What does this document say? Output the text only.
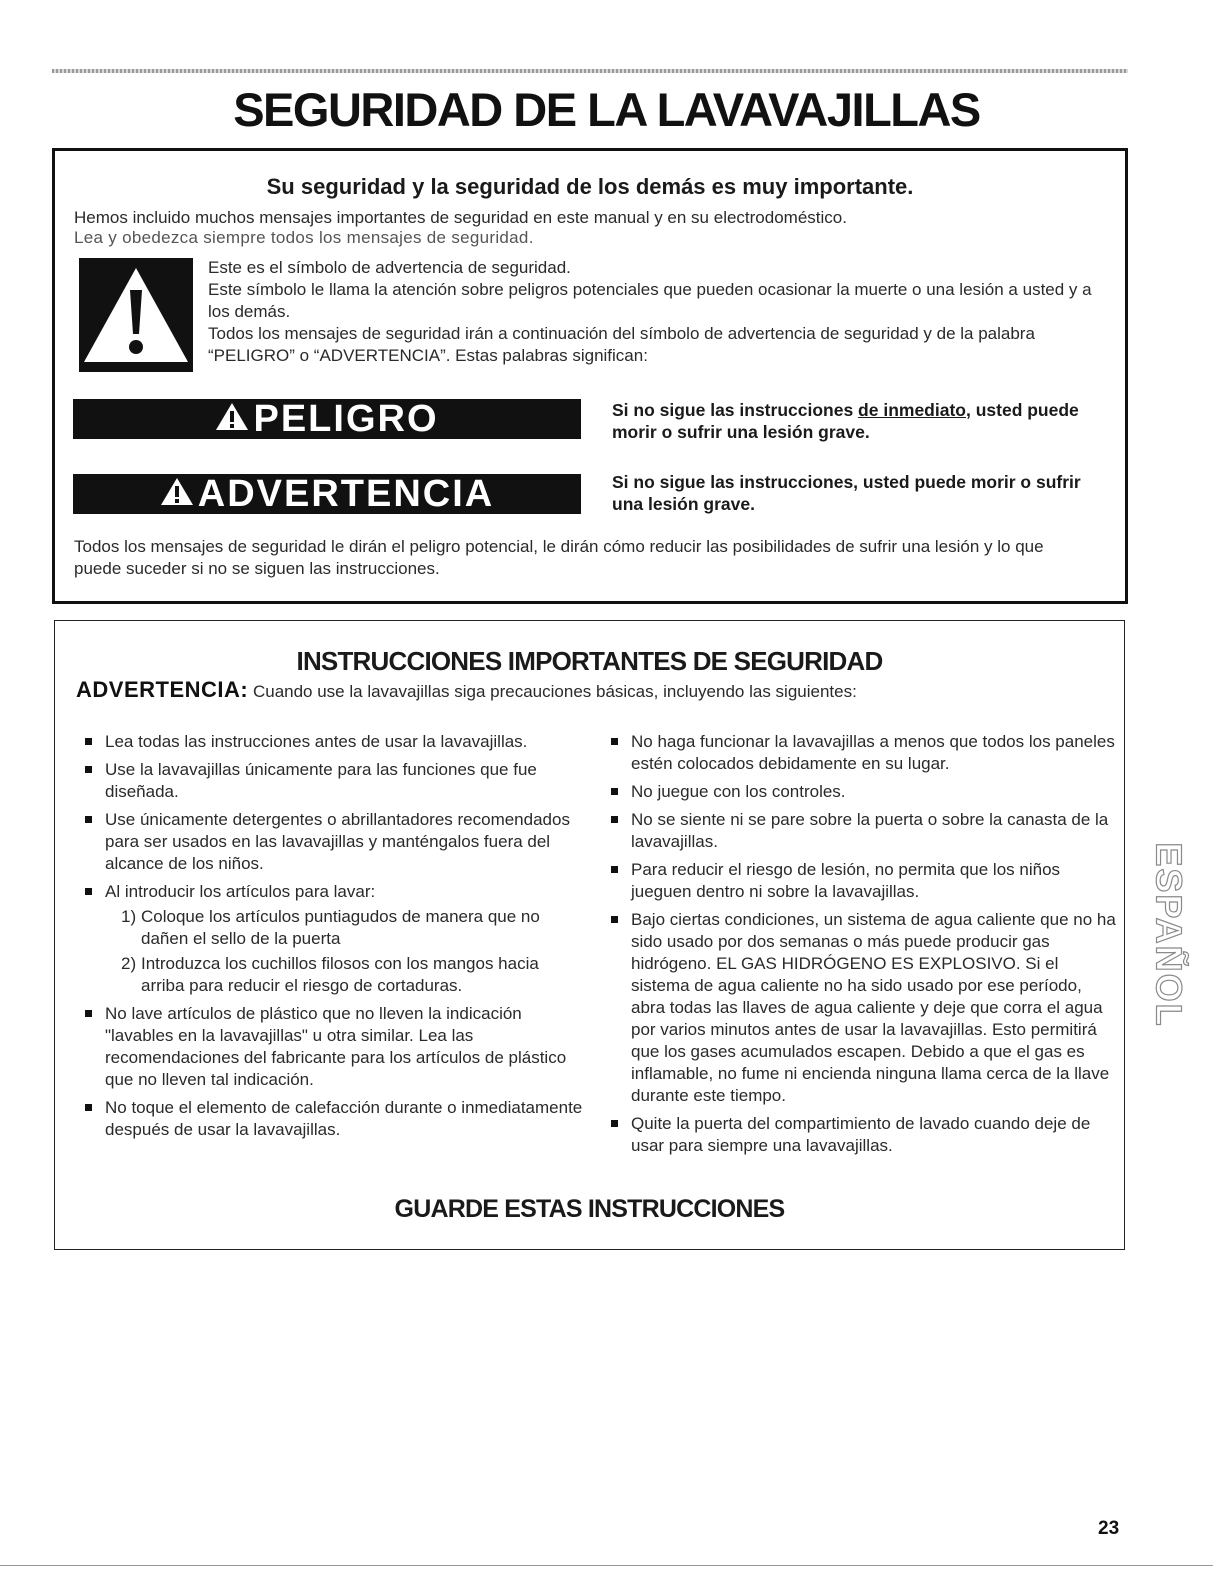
SEGURIDAD DE LA LAVAVAJILLAS
Su seguridad y la seguridad de los demás es muy importante.
Hemos incluido muchos mensajes importantes de seguridad en este manual y en su electrodoméstico.
Lea y obedezca siempre todos los mensajes de seguridad.
Este es el símbolo de advertencia de seguridad.
Este símbolo le llama la atención sobre peligros potenciales que pueden ocasionar la muerte o una lesión a usted y a los demás.
Todos los mensajes de seguridad irán a continuación del símbolo de advertencia de seguridad y de la palabra “PELIGRO” o “ADVERTENCIA”. Estas palabras significan:
PELIGRO	Si no sigue las instrucciones de inmediato, usted puede morir o sufrir una lesión grave.
ADVERTENCIA	Si no sigue las instrucciones, usted puede morir o sufrir una lesión grave.
Todos los mensajes de seguridad le dirán el peligro potencial, le dirán cómo reducir las posibilidades de sufrir una lesión y lo que puede suceder si no se siguen las instrucciones.
INSTRUCCIONES IMPORTANTES DE SEGURIDAD
ADVERTENCIA: Cuando use la lavavajillas siga precauciones básicas, incluyendo las siguientes:
Lea todas las instrucciones antes de usar la lavavajillas.
Use la lavavajillas únicamente para las funciones que fue diseñada.
Use únicamente detergentes o abrillantadores recomendados para ser usados en las lavavajillas y manténgalos fuera del alcance de los niños.
Al introducir los artículos para lavar:
1) Coloque los artículos puntiagudos de manera que no dañen el sello de la puerta
2) Introduzca los cuchillos filosos con los mangos hacia arriba para reducir el riesgo de cortaduras.
No lave artículos de plástico que no lleven la indicación "lavables en la lavavajillas" u otra similar. Lea las recomendaciones del fabricante para los artículos de plástico que no lleven tal indicación.
No toque el elemento de calefacción durante o inmediatamente después de usar la lavavajillas.
No haga funcionar la lavavajillas a menos que todos los paneles estén colocados debidamente en su lugar.
No juegue con los controles.
No se siente ni se pare sobre la puerta o sobre la canasta de la lavavajillas.
Para reducir el riesgo de lesión, no permita que los niños jueguen dentro ni sobre la lavavajillas.
Bajo ciertas condiciones, un sistema de agua caliente que no ha sido usado por dos semanas o más puede producir gas hidrógeno. EL GAS HIDRÓGENO ES EXPLOSIVO. Si el sistema de agua caliente no ha sido usado por ese período, abra todas las llaves de agua caliente y deje que corra el agua por varios minutos antes de usar la lavavajillas. Esto permitirá que los gases acumulados escapen. Debido a que el gas es inflamable, no fume ni encienda ninguna llama cerca de la llave durante este tiempo.
Quite la puerta del compartimiento de lavado cuando deje de usar para siempre una lavavajillas.
GUARDE ESTAS INSTRUCCIONES
ESPAÑOL
23
